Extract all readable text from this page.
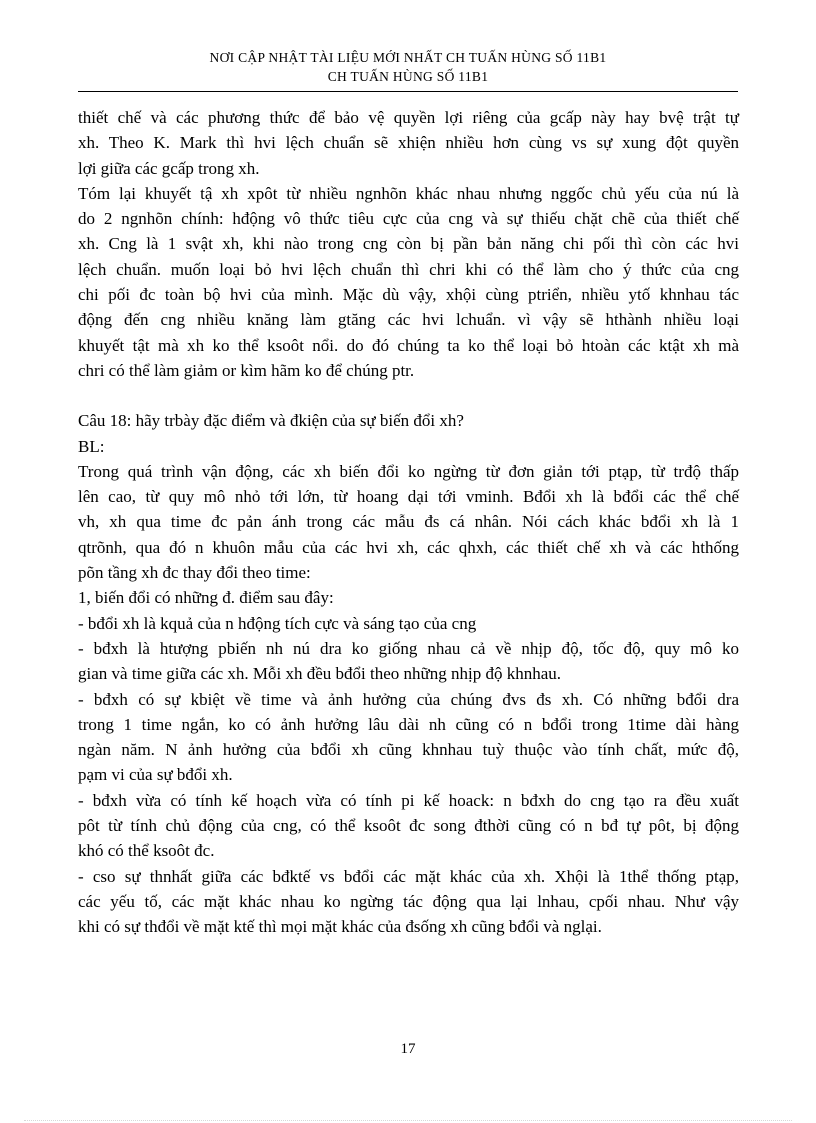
NƠI CẬP NHẬT TÀI LIỆU MỚI NHẤT CH TUẤN HÙNG SỐ 11B1
CH TUẤN HÙNG SỐ 11B1

thiết chế và các phương thức để bảo vệ quyền lợi riêng của gcấp này hay bvệ trật tự

xh. Theo K. Mark thì hvi lệch chuẩn sẽ xhiện nhiều hơn cùng vs sự xung đột quyền

lợi giữa các gcấp trong xh.

Tóm lại khuyết tậ xh xpôt từ nhiều ngnhõn khác nhau nhưng nggốc chủ yếu của nú là

do 2 ngnhõn chính: hđộng vô thức tiêu cực của cng và sự thiếu chặt chẽ của thiết chế

xh. Cng là 1 svật xh, khi nào trong cng còn bị pần bản năng chi pối thì còn các hvi

lệch chuẩn. muốn loại bỏ hvi lệch chuẩn thì chri khi có thể làm cho ý thức của cng

chi pối đc toàn bộ hvi của mình. Mặc dù vậy, xhội cùng ptriển, nhiều ytố khnhau tác

động đến cng nhiều knăng làm gtăng các hvi lchuẩn. vì vậy sẽ hthành nhiều loại

khuyết tật mà xh ko thể ksoôt nổi. do đó chúng ta ko thể loại bỏ htoàn các ktật xh mà

chri có thể làm giảm or kìm hãm ko để chúng ptr.

Câu 18: hãy trbày đặc điểm và đkiện của sự biến đổi xh?

BL:

Trong quá trình vận động, các xh biến đổi ko ngừng từ đơn giản tới ptạp, từ trđộ thấp

lên cao, từ quy mô nhỏ tới lớn, từ hoang dại tới vminh. Bđổi xh là bđổi các thể chế

vh, xh qua time đc pản ánh trong các mẫu đs cá nhân. Nói cách khác bđổi xh là 1

qtrõnh, qua đó n khuôn mẫu của các hvi xh, các qhxh, các thiết chế xh và các hthống

põn tầng xh đc thay đổi theo time:

1, biến đổi có những đ. điểm sau đây:

- bđổi xh là kquả của n hđộng tích cực và sáng tạo của cng

- bđxh là htượng pbiến nh nú dra ko giống nhau cả về nhịp độ, tốc độ, quy mô ko

gian và time giữa các xh. Mỗi xh đều bđổi theo những nhịp độ khnhau.

- bđxh có sự kbiệt về time và ảnh hưởng của chúng đvs đs xh. Có những bđổi dra

trong 1 time ngắn, ko có ảnh hưởng lâu dài nh cũng có n bđổi trong 1time dài hàng

ngàn năm. N ảnh hưởng của bđổi xh cũng khnhau tuỳ thuộc vào tính chất, mức độ,

pạm vi của sự bđổi xh.

- bđxh vừa có tính kế hoạch vừa có tính pi kế hoack: n bđxh do cng tạo ra đều xuất

pôt từ tính chủ động của cng, có thể ksoôt đc song đthời cũng có n bđ tự pôt, bị động

khó có thể ksoôt đc.

- cso sự thnhất giữa các bđktế vs bđổi các mặt khác của xh. Xhội là 1thể thống ptạp,

các yếu tố, các mặt khác nhau ko ngừng tác động qua lại lnhau, cpối nhau. Như vậy

khi có sự thđổi về mặt ktế thì mọi mặt khác của đsống xh cũng bđổi và nglại.

17
